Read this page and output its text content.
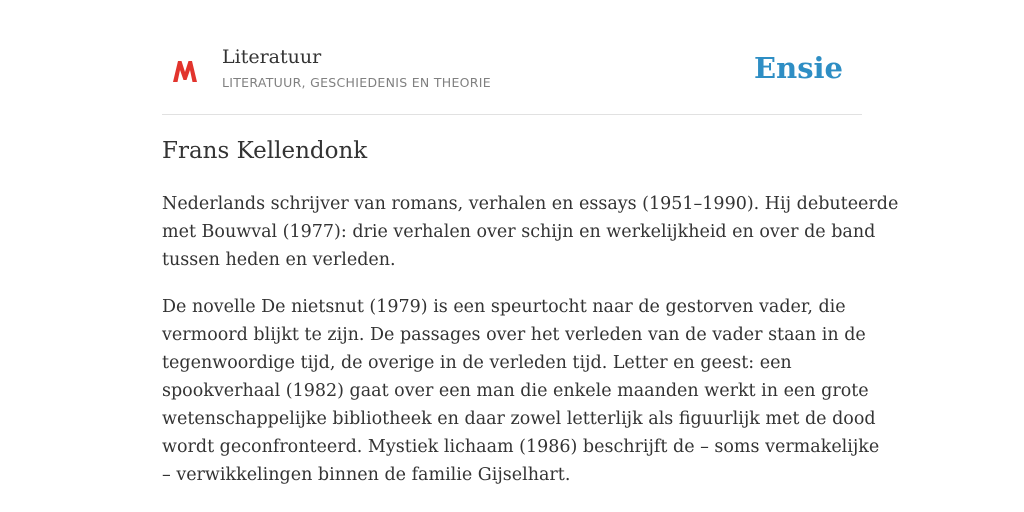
Literatuur
LITERATUUR, GESCHIEDENIS EN THEORIE	Ensie
Frans Kellendonk

Nederlands schrijver van romans, verhalen en essays (1951–1990). Hij debuteerde
met Bouwval (1977): drie verhalen over schijn en werkelijkheid en over de band
tussen heden en verleden.

De novelle De nietsnut (1979) is een speurtocht naar de gestorven vader, die
vermoord blijkt te zijn. De passages over het verleden van de vader staan in de
tegenwoordige tijd, de overige in de verleden tijd. Letter en geest: een
spookverhaal (1982) gaat over een man die enkele maanden werkt in een grote
wetenschappelijke bibliotheek en daar zowel letterlijk als figuurlijk met de dood
wordt geconfronteerd. Mystiek lichaam (1986) beschrijft de – soms vermakelijke
– verwikkelingen binnen de familie Gijselhart.
